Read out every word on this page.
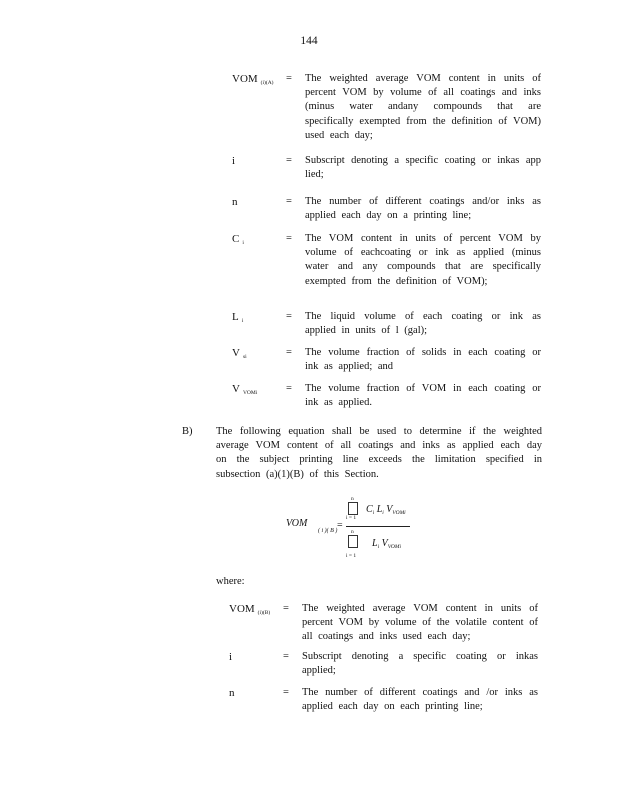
144
VOM $_{(i)(A)}$	= The weighted average VOM content in units of percent VOM by volume of all coatings and inks (minus water andany compounds that are specifically exempted from the definition of VOM) used each day;
i	= Subscript denoting a specific coating or inkas app lied;
n	= The number of different coatings and/or inks as applied each day on a printing line;
C $_i$	= The VOM content in units of percent VOM by volume of eachcoating or ink as applied (minus water and any compounds that are specifically exempted from the definition of VOM);
L $_i$	= The liquid volume of each coating or ink as applied in units of l (gal);
V $_{si}$	= The volume fraction of solids in each coating or ink as applied; and
V $_{VOMi}$	= The volume fraction of VOM in each coating or ink as applied.
B) The following equation shall be used to determine if the weighted average VOM content of all coatings and inks as applied each day on the subject printing line exceeds the limitation specified in subsection (a)(1)(B) of this Section.
VOM
( i )( B ) =
n
i = 1
$C_i$ $L_i$ $V_{VOMi}$
n
i = 1
$L_i$ $V_{VOMi}$
where:
VOM $_{(i)(B)}$	= The weighted average VOM content in units of percent VOM by volume of the volatile content of all coatings and inks used each day;
i	= Subscript denoting a specific coating or inkas applied;
n	= The number of different coatings and /or inks as applied each day on each printing line;
